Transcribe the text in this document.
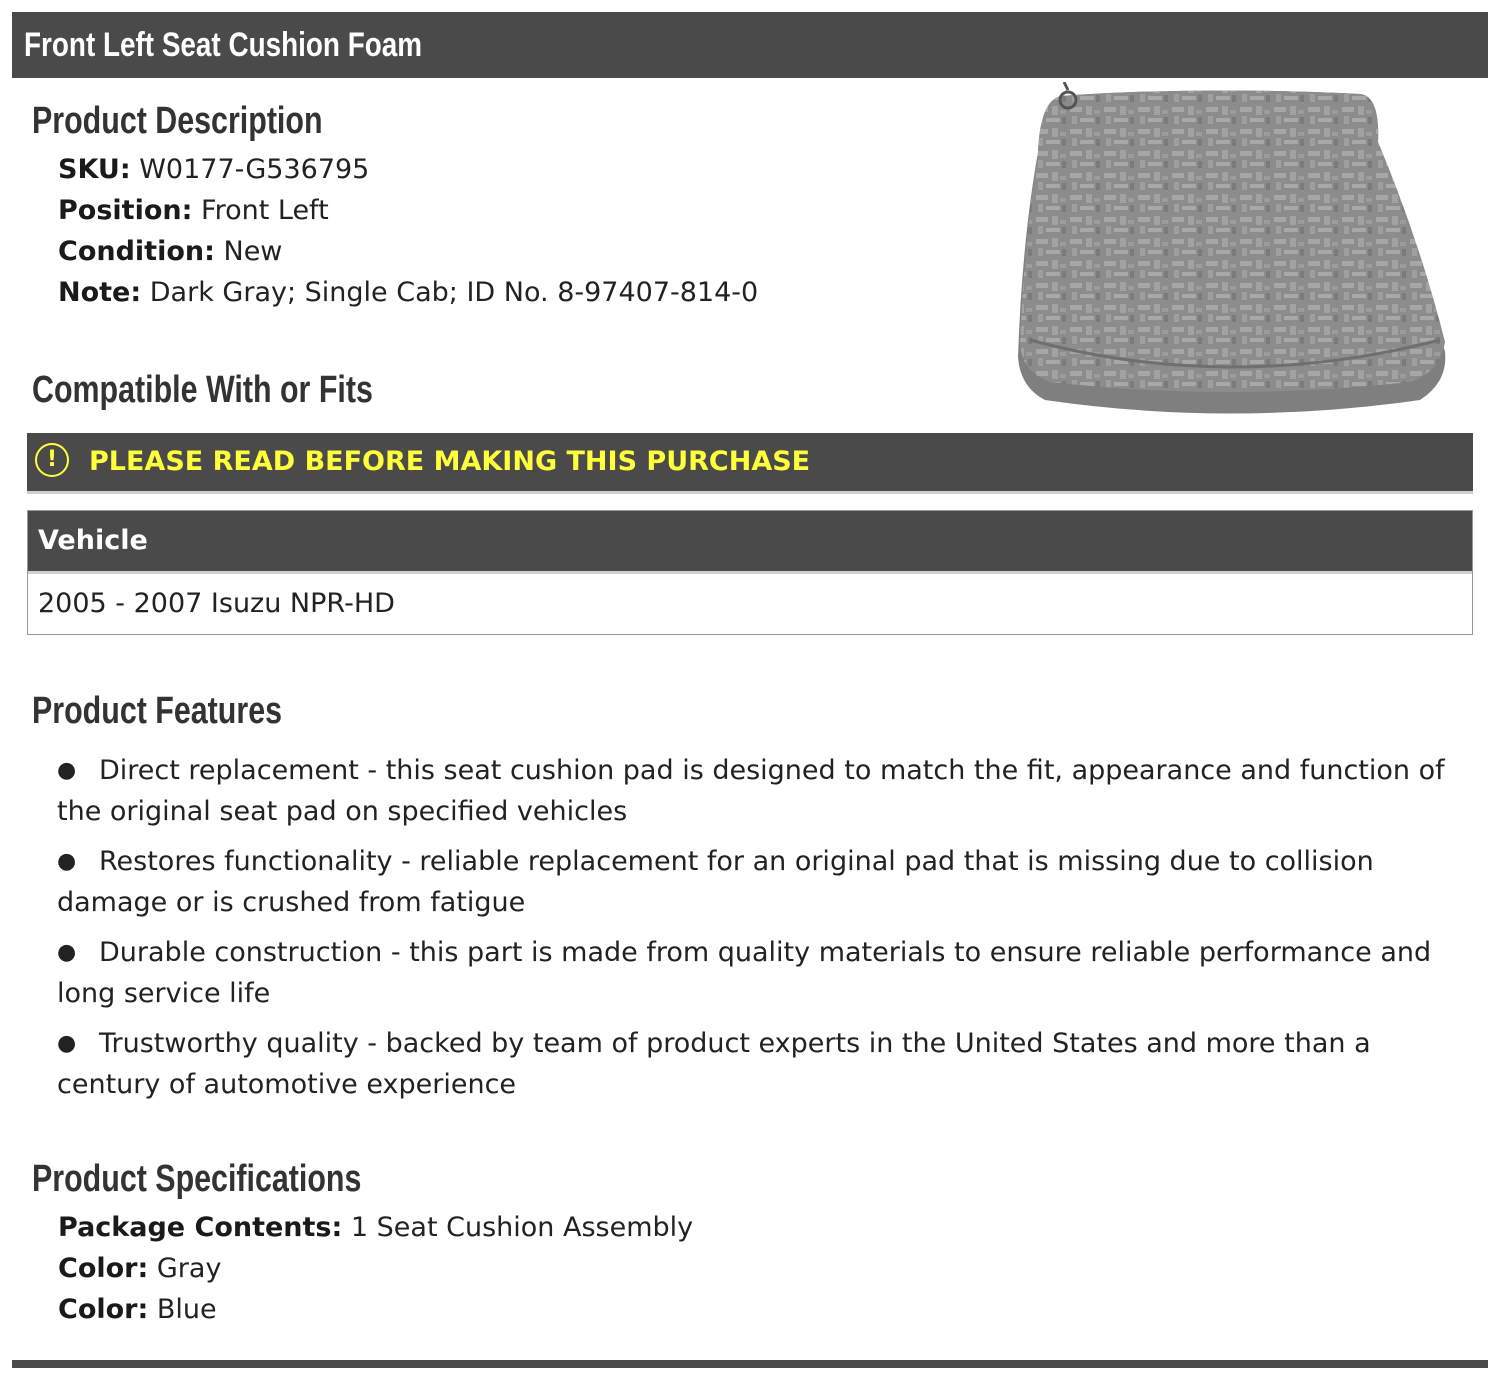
Front Left Seat Cushion Foam
Product Description
SKU: W0177-G536795
Position: Front Left
Condition: New
Note: Dark Gray; Single Cab; ID No. 8-97407-814-0
Compatible With or Fits
!	PLEASE READ BEFORE MAKING THIS PURCHASE
Vehicle
2005 - 2007 Isuzu NPR-HD
Product Features
● Direct replacement - this seat cushion pad is designed to match the fit, appearance and function of the original seat pad on specified vehicles
● Restores functionality - reliable replacement for an original pad that is missing due to collision damage or is crushed from fatigue
● Durable construction - this part is made from quality materials to ensure reliable performance and long service life
● Trustworthy quality - backed by team of product experts in the United States and more than a century of automotive experience
Product Specifications
Package Contents: 1 Seat Cushion Assembly
Color: Gray
Color: Blue
